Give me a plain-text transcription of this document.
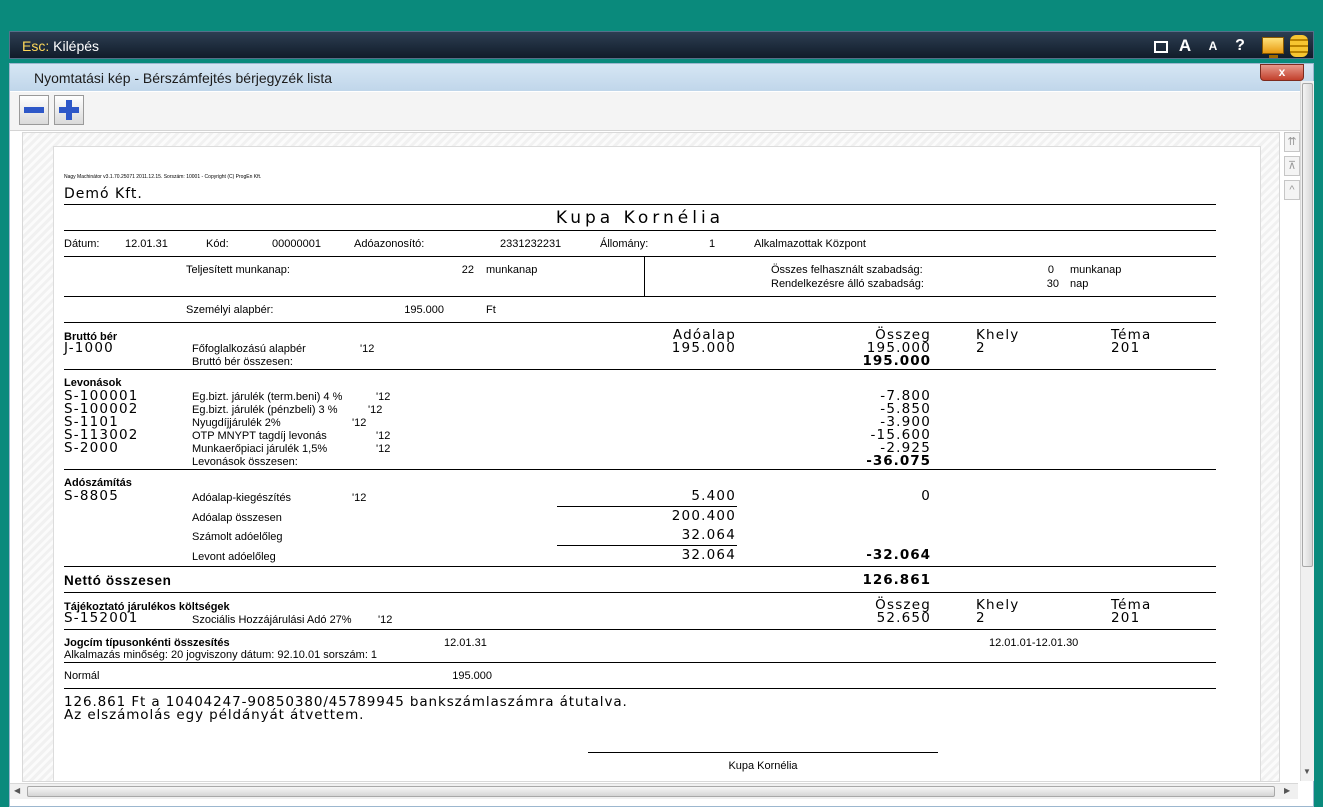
Esc: Kilépés	A	A	?
Nyomtatási kép - Bérszámfejtés bérjegyzék lista	x
Nagy Machinátor v3.1.70.25071 2011.12.15. Sorszám: 10001 - Copyright (C) ProgEn Kft.
Demó Kft.
Kupa Kornélia
Dátum: 12.01.31	Kód:	00000001	Adóazonosító:	2331232231	Állomány:	1	Alkalmazottak Központ
Teljesített munkanap:	22 munkanap	Összes felhasznált szabadság:	0 munkanap
Rendelkezésre álló szabadság:	30 nap
Személyi alapbér:	195.000	Ft
Bruttó bér	Adóalap	Összeg	Khely	Téma
J-1000	Főfoglalkozású alapbér	'12	195.000	195.000	2	201
Bruttó bér összesen:	195.000
Levonások
S-100001	Eg.bizt. járulék (term.beni) 4 %	'12	-7.800
S-100002	Eg.bizt. járulék (pénzbeli) 3 %	'12	-5.850
S-1101	Nyugdíjjárulék 2%	'12	-3.900
S-113002	OTP MNYPT tagdíj levonás	'12	-15.600
S-2000	Munkaerőpiaci járulék 1,5%	'12	-2.925
Levonások összesen:	-36.075
Adószámítás
S-8805	Adóalap-kiegészítés	'12	5.400	0
Adóalap összesen	200.400
Számolt adóelőleg	32.064
Levont adóelőleg	32.064	-32.064
Nettó összesen	126.861
Tájékoztató járulékos költségek	Összeg	Khely	Téma
S-152001	Szociális Hozzájárulási Adó 27% '12	52.650	2	201
Jogcím típusonkénti összesítés	12.01.31	12.01.01-12.01.30
Alkalmazás minőség: 20 jogviszony dátum: 92.10.01 sorszám: 1
Normál	195.000
126.861 Ft a 10404247-90850380/45789945 bankszámlaszámra átutalva.
Az elszámolás egy példányát átvettem.
Kupa Kornélia
⇈
⊼
^
▼
◀	▶
